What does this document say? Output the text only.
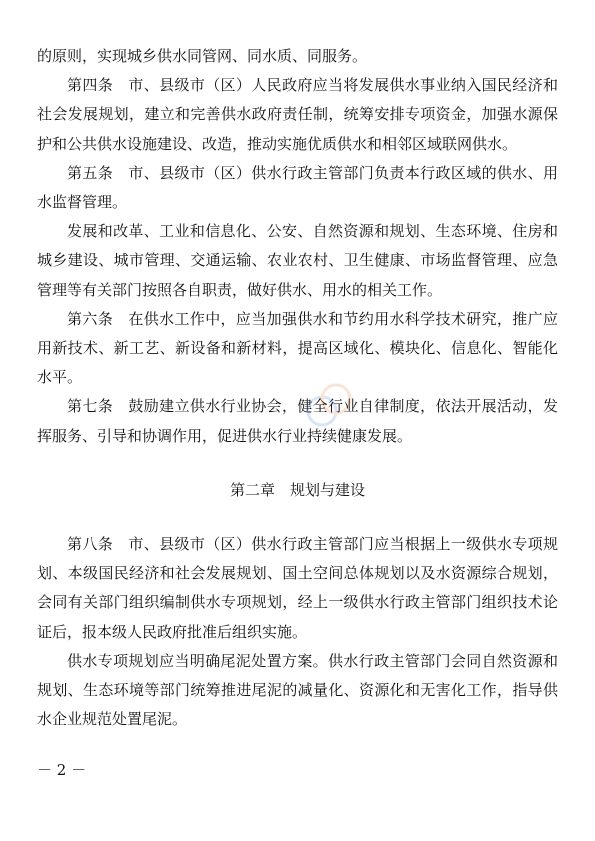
的原则，实现城乡供水同管网、同水质、同服务。

第四条　市、县级市（区）人民政府应当将发展供水事业纳入国民经济和社会发展规划，建立和完善供水政府责任制，统筹安排专项资金，加强水源保护和公共供水设施建设、改造，推动实施优质供水和相邻区域联网供水。

第五条　市、县级市（区）供水行政主管部门负责本行政区域的供水、用水监督管理。

发展和改革、工业和信息化、公安、自然资源和规划、生态环境、住房和城乡建设、城市管理、交通运输、农业农村、卫生健康、市场监督管理、应急管理等有关部门按照各自职责，做好供水、用水的相关工作。

第六条　在供水工作中，应当加强供水和节约用水科学技术研究，推广应用新技术、新工艺、新设备和新材料，提高区域化、模块化、信息化、智能化水平。

第七条　鼓励建立供水行业协会，健全行业自律制度，依法开展活动，发挥服务、引导和协调作用，促进供水行业持续健康发展。

第二章　规划与建设

第八条　市、县级市（区）供水行政主管部门应当根据上一级供水专项规划、本级国民经济和社会发展规划、国土空间总体规划以及水资源综合规划，会同有关部门组织编制供水专项规划，经上一级供水行政主管部门组织技术论证后，报本级人民政府批准后组织实施。

供水专项规划应当明确尾泥处置方案。供水行政主管部门会同自然资源和规划、生态环境等部门统筹推进尾泥的减量化、资源化和无害化工作，指导供水企业规范处置尾泥。

－ 2 －
